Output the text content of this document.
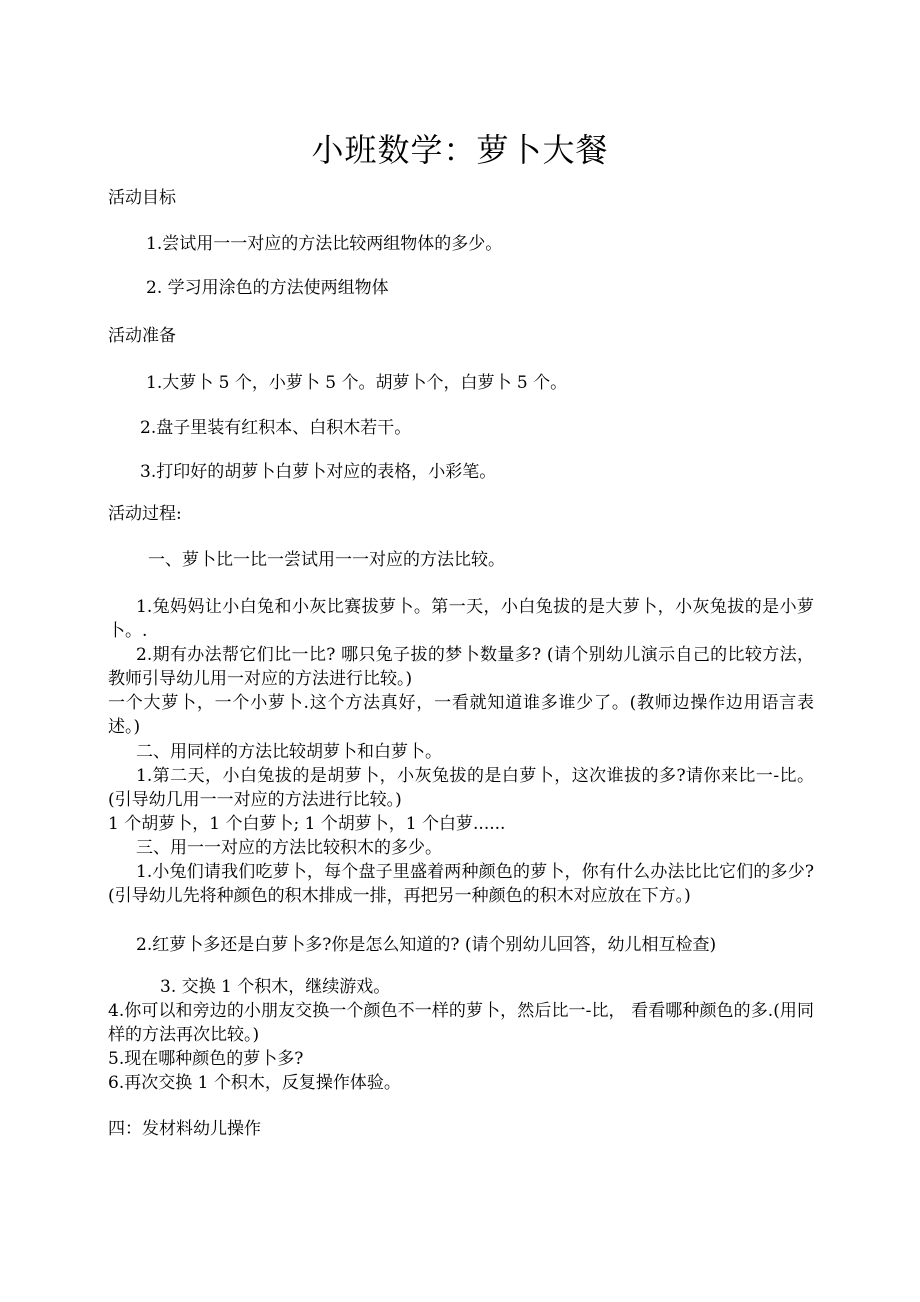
小班数学：萝卜大餐
活动目标
1.尝试用一一对应的方法比较两组物体的多少。
2. 学习用涂色的方法使两组物体
活动准备
1.大萝卜 5 个，小萝卜 5 个。胡萝卜个，白萝卜 5 个。
2.盘子里装有红积本、白积木若干。
3.打印好的胡萝卜白萝卜对应的表格，小彩笔。
活动过程:
一、萝卜比一比一尝试用一一对应的方法比较。
1.兔妈妈让小白兔和小灰比赛拔萝卜。第一天，小白兔拔的是大萝卜，小灰兔拔的是小萝卜。.
2.期有办法帮它们比一比? 哪只兔子拔的梦卜数量多? (请个别幼儿演示自己的比较方法，教师引导幼儿用一对应的方法进行比较。)
一个大萝卜，一个小萝卜.这个方法真好，一看就知道谁多谁少了。(教师边操作边用语言表述。)
二、用同样的方法比较胡萝卜和白萝卜。
1.第二天，小白兔拔的是胡萝卜，小灰兔拔的是白萝卜，这次谁拔的多?请你来比一-比。 (引导幼几用一一对应的方法进行比较。)
1 个胡萝卜，1 个白萝卜; 1 个胡萝卜，1 个白萝......
三、用一一对应的方法比较积木的多少。
1.小兔们请我们吃萝卜，每个盘子里盛着两种颜色的萝卜，你有什么办法比比它们的多少? (引导幼儿先将种颜色的积木排成一排，再把另一种颜色的积木对应放在下方。)
2.红萝卜多还是白萝卜多?你是怎么知道的? (请个别幼儿回答，幼儿相互检查)
3. 交换 1 个积木，继续游戏。
4.你可以和旁边的小朋友交换一个颜色不一样的萝卜，然后比一-比， 看看哪种颜色的多.(用同样的方法再次比较。)
5.现在哪种颜色的萝卜多?
6.再次交换 1 个积木，反复操作体验。
四：发材料幼儿操作
